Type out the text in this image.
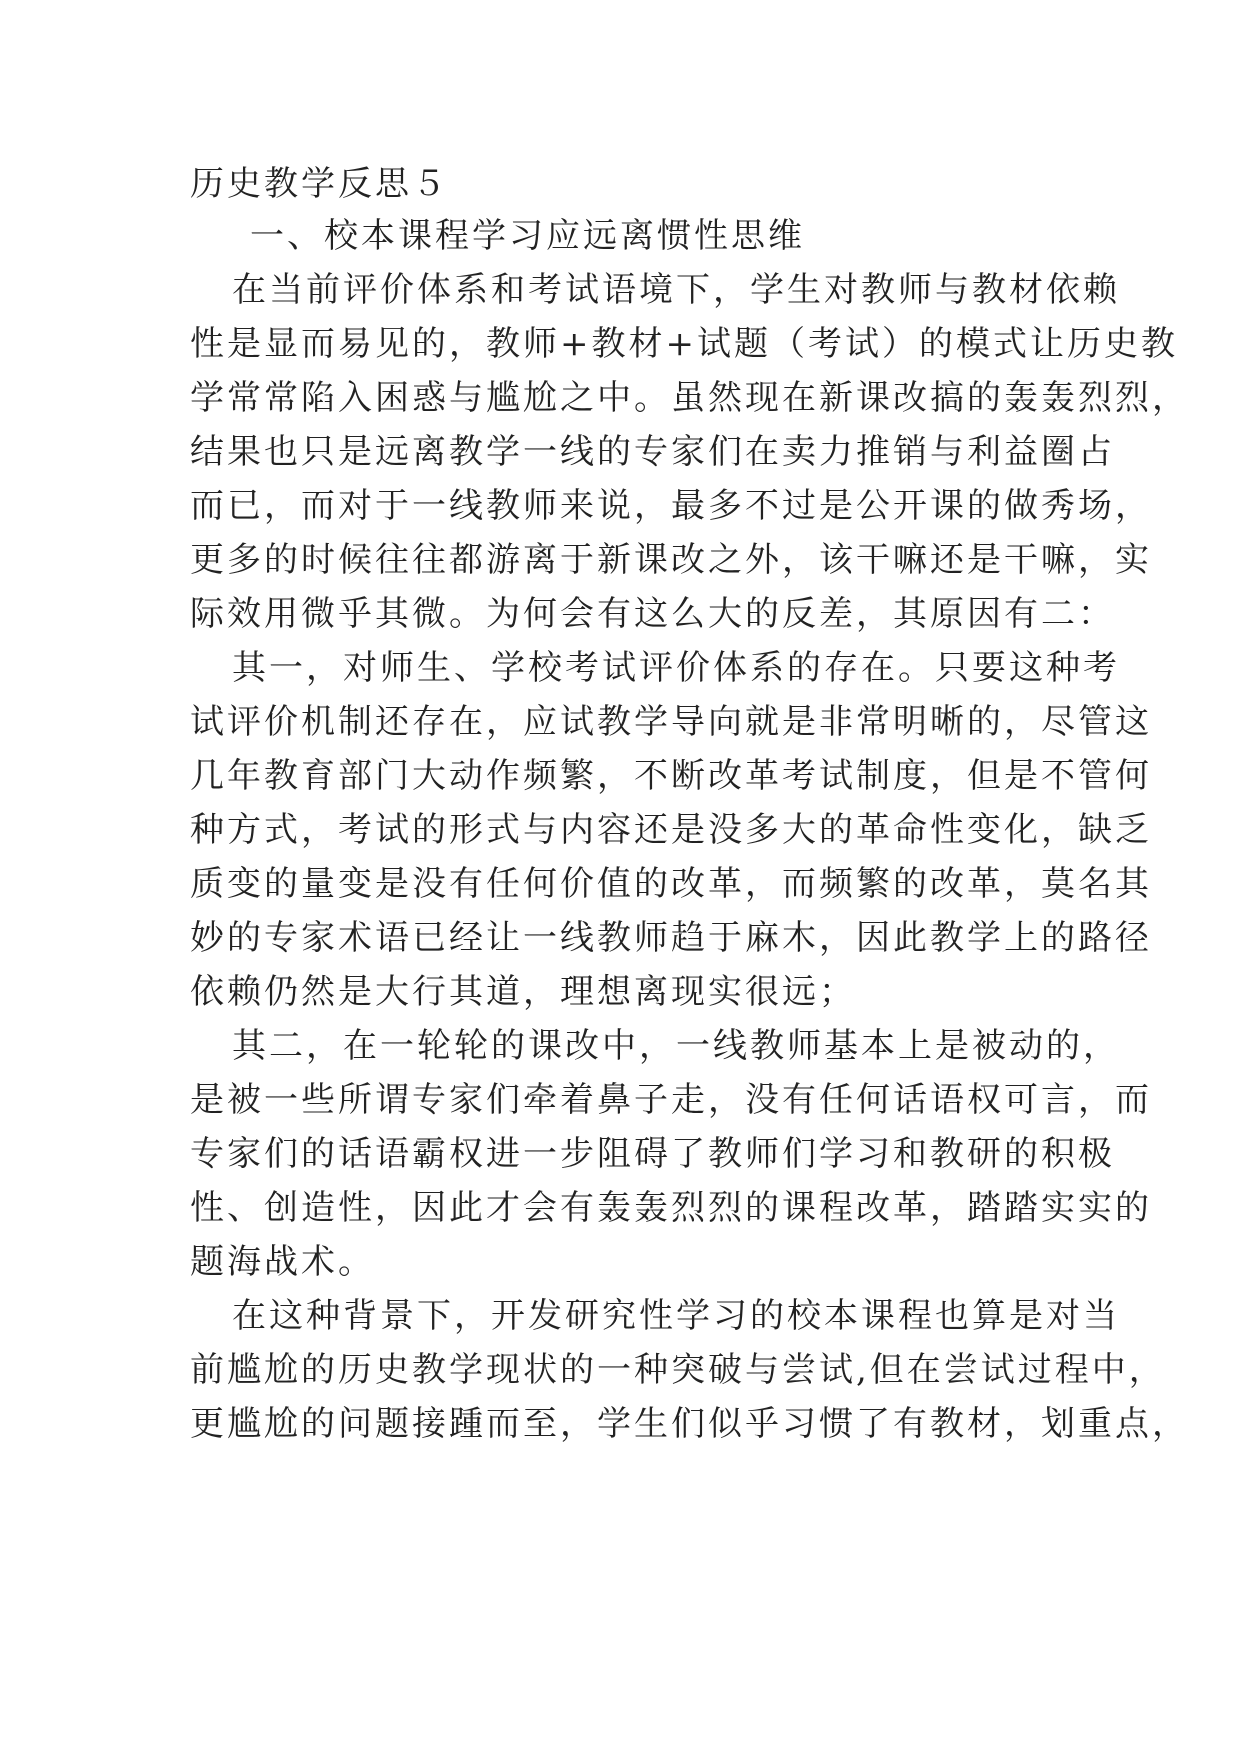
历史教学反思５
一、校本课程学习应远离惯性思维
在当前评价体系和考试语境下，学生对教师与教材依赖
性是显而易见的，教师+教材+试题（考试）的模式让历史教
学常常陷入困惑与尴尬之中。虽然现在新课改搞的轰轰烈烈，
结果也只是远离教学一线的专家们在卖力推销与利益圈占
而已，而对于一线教师来说，最多不过是公开课的做秀场，
更多的时候往往都游离于新课改之外，该干嘛还是干嘛，实
际效用微乎其微。为何会有这么大的反差，其原因有二：
其一，对师生、学校考试评价体系的存在。只要这种考
试评价机制还存在，应试教学导向就是非常明晰的，尽管这
几年教育部门大动作频繁，不断改革考试制度，但是不管何
种方式，考试的形式与内容还是没多大的革命性变化，缺乏
质变的量变是没有任何价值的改革，而频繁的改革，莫名其
妙的专家术语已经让一线教师趋于麻木，因此教学上的路径
依赖仍然是大行其道，理想离现实很远；
其二，在一轮轮的课改中，一线教师基本上是被动的，
是被一些所谓专家们牵着鼻子走，没有任何话语权可言，而
专家们的话语霸权进一步阻碍了教师们学习和教研的积极
性、创造性，因此才会有轰轰烈烈的课程改革，踏踏实实的
题海战术。
在这种背景下，开发研究性学习的校本课程也算是对当
前尴尬的历史教学现状的一种突破与尝试,但在尝试过程中，
更尴尬的问题接踵而至，学生们似乎习惯了有教材，划重点，
